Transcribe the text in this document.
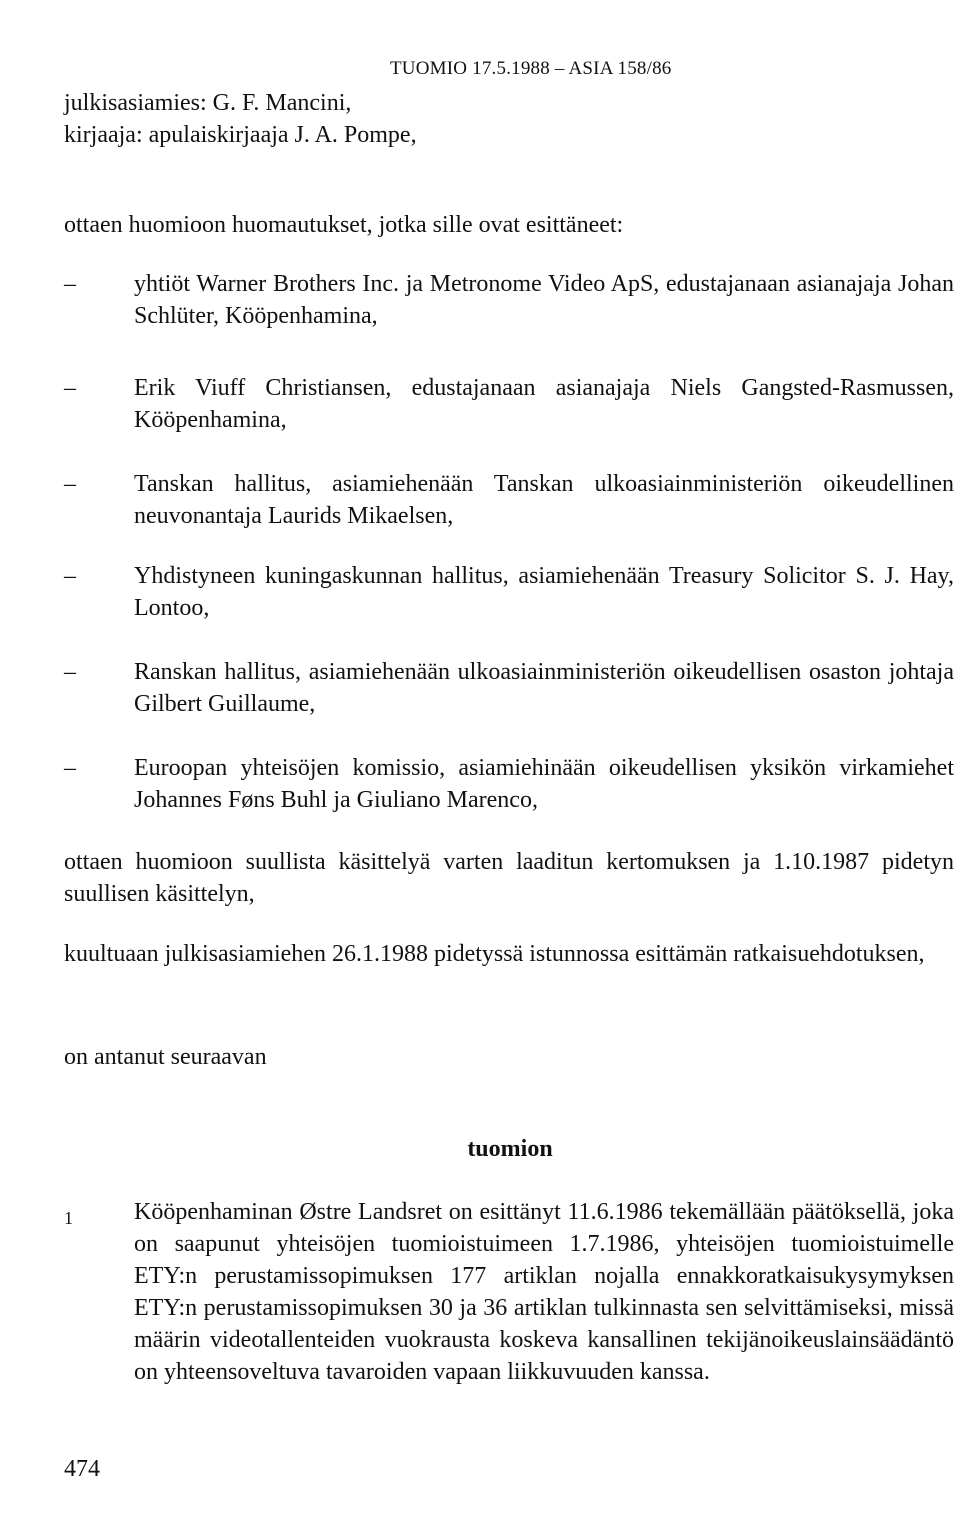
TUOMIO 17.5.1988 – ASIA 158/86
julkisasiamies: G. F. Mancini,
kirjaaja: apulaiskirjaaja J. A. Pompe,
ottaen huomioon huomautukset, jotka sille ovat esittäneet:
– yhtiöt Warner Brothers Inc. ja Metronome Video ApS, edustajanaan asianajaja Johan Schlüter, Kööpenhamina,
– Erik Viuff Christiansen, edustajanaan asianajaja Niels Gangsted-Rasmussen, Kööpenhamina,
– Tanskan hallitus, asiamiehenään Tanskan ulkoasiainministeriön oikeudellinen neuvonantaja Laurids Mikaelsen,
– Yhdistyneen kuningaskunnan hallitus, asiamiehenään Treasury Solicitor S. J. Hay, Lontoo,
– Ranskan hallitus, asiamiehenään ulkoasiainministeriön oikeudellisen osaston johtaja Gilbert Guillaume,
– Euroopan yhteisöjen komissio, asiamiehinään oikeudellisen yksikön virkamiehet Johannes Føns Buhl ja Giuliano Marenco,
ottaen huomioon suullista käsittelyä varten laaditun kertomuksen ja 1.10.1987 pidetyn suullisen käsittelyn,
kuultuaan julkisasiamiehen 26.1.1988 pidetyssä istunnossa esittämän ratkaisuehdotuksen,
on antanut seuraavan
tuomion
1	Kööpenhaminan Østre Landsret on esittänyt 11.6.1986 tekemällään päätöksellä, joka on saapunut yhteisöjen tuomioistuimeen 1.7.1986, yhteisöjen tuomioistuimelle ETY:n perustamissopimuksen 177 artiklan nojalla ennakkoratkaisukysymyksen ETY:n perustamissopimuksen 30 ja 36 artiklan tulkinnasta sen selvittämiseksi, missä määrin videotallenteiden vuokrausta koskeva kansallinen tekijänoikeuslainsäädäntö on yhteensoveltuva tavaroiden vapaan liikkuvuuden kanssa.
474
